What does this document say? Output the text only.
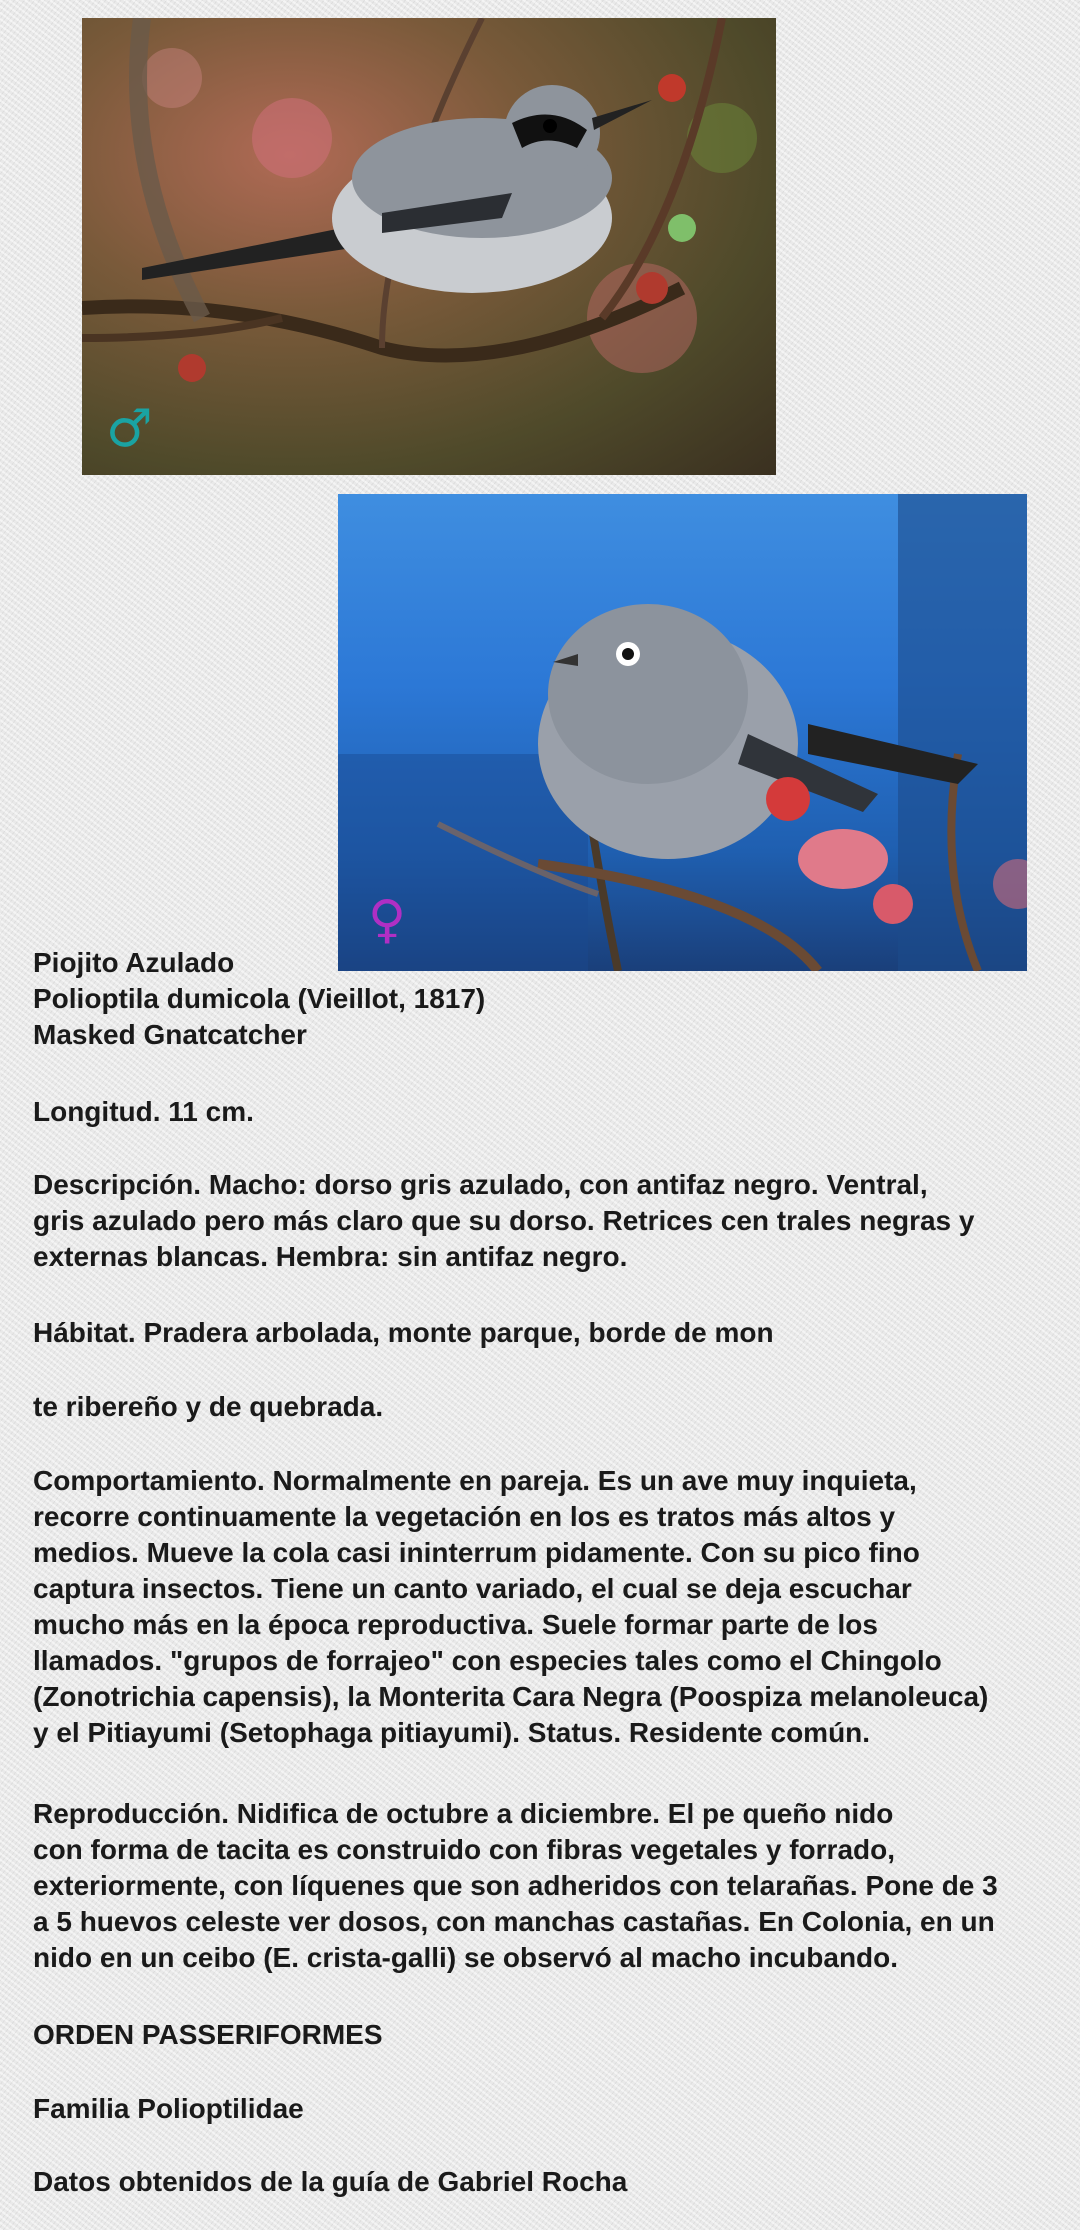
♂
♀

Piojito Azulado

Polioptila dumicola (Vieillot, 1817)

Masked Gnatcatcher

Longitud. 11 cm.

Descripción. Macho: dorso gris azulado, con antifaz negro. Ventral,

gris azulado pero más claro que su dorso. Retrices cen trales negras y

externas blancas. Hembra: sin antifaz negro.

Hábitat. Pradera arbolada, monte parque, borde de mon

te ribereño y de quebrada.

Comportamiento. Normalmente en pareja. Es un ave muy inquieta,

recorre continuamente la vegetación en los es tratos más altos y

medios. Mueve la cola casi ininterrum pidamente. Con su pico fino

captura insectos. Tiene un canto variado, el cual se deja escuchar

mucho más en la época reproductiva. Suele formar parte de los

llamados. "grupos de forrajeo" con especies tales como el Chingolo

(Zonotrichia capensis), la Monterita Cara Negra (Poospiza melanoleuca)

y el Pitiayumi (Setophaga pitiayumi). Status. Residente común.

Reproducción. Nidifica de octubre a diciembre. El pe queño nido

con forma de tacita es construido con fibras vegetales y forrado,

exteriormente, con líquenes que son adheridos con telarañas. Pone de 3

a 5 huevos celeste ver dosos, con manchas castañas. En Colonia, en un

nido en un ceibo (E. crista-galli) se observó al macho incubando.

ORDEN PASSERIFORMES

Familia Polioptilidae

Datos obtenidos de la guía de Gabriel Rocha
